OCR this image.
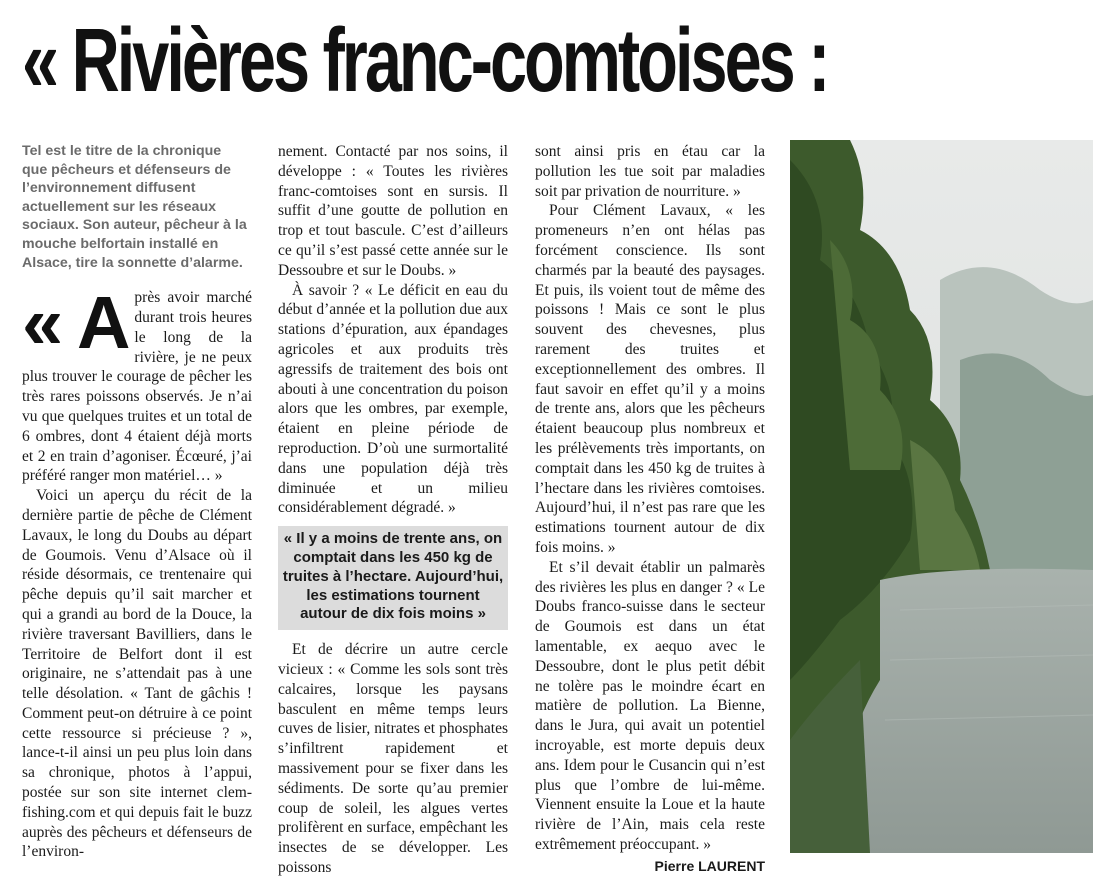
« Rivières franc-comtoises :
Tel est le titre de la chronique
que pêcheurs et défenseurs de
l’environnement diffusent
actuellement sur les réseaux
sociaux. Son auteur, pêcheur à la
mouche belfortain installé en
Alsace, tire la sonnette d’alarme.

« A près avoir marché durant trois heures le long de la rivière, je ne peux plus trouver le courage de pêcher les très rares poissons observés. Je n’ai vu que quelques truites et un total de 6 ombres, dont 4 étaient déjà morts et 2 en train d’agoniser. Écœuré, j’ai préféré ranger mon matériel… »

Voici un aperçu du récit de la dernière partie de pêche de Clément Lavaux, le long du Doubs au départ de Goumois. Venu d’Alsace où il réside désormais, ce trentenaire qui pêche depuis qu’il sait marcher et qui a grandi au bord de la Douce, la rivière traversant Bavilliers, dans le Territoire de Belfort dont il est originaire, ne s’attendait pas à une telle désolation. « Tant de gâchis ! Comment peut-on détruire à ce point cette ressource si précieuse ? », lance-t-il ainsi un peu plus loin dans sa chronique, photos à l’appui, postée sur son site internet clem-fishing.com et qui depuis fait le buzz auprès des pêcheurs et défenseurs de l’environ-

nement. Contacté par nos soins, il développe : « Toutes les rivières franc-comtoises sont en sursis. Il suffit d’une goutte de pollution en trop et tout bascule. C’est d’ailleurs ce qu’il s’est passé cette année sur le Dessoubre et sur le Doubs. »

À savoir ? « Le déficit en eau du début d’année et la pollution due aux stations d’épuration, aux épandages agricoles et aux produits très agressifs de traitement des bois ont abouti à une concentration du poison alors que les ombres, par exemple, étaient en pleine période de reproduction. D’où une surmortalité dans une population déjà très diminuée et un milieu considérablement dégradé. »

« Il y a moins de trente ans, on comptait dans les 450 kg de truites à l’hectare. Aujourd’hui, les estimations tournent autour de dix fois moins »

Et de décrire un autre cercle vicieux : « Comme les sols sont très calcaires, lorsque les paysans basculent en même temps leurs cuves de lisier, nitrates et phosphates s’infiltrent rapidement et massivement pour se fixer dans les sédiments. De sorte qu’au premier coup de soleil, les algues vertes prolifèrent en surface, empêchant les insectes de se développer. Les poissons

sont ainsi pris en étau car la pollution les tue soit par maladies soit par privation de nourriture. »

Pour Clément Lavaux, « les promeneurs n’en ont hélas pas forcément conscience. Ils sont charmés par la beauté des paysages. Et puis, ils voient tout de même des poissons ! Mais ce sont le plus souvent des chevesnes, plus rarement des truites et exceptionnellement des ombres. Il faut savoir en effet qu’il y a moins de trente ans, alors que les pêcheurs étaient beaucoup plus nombreux et les prélèvements très importants, on comptait dans les 450 kg de truites à l’hectare dans les rivières comtoises. Aujourd’hui, il n’est pas rare que les estimations tournent autour de dix fois moins. »

Et s’il devait établir un palmarès des rivières les plus en danger ? « Le Doubs franco-suisse dans le secteur de Goumois est dans un état lamentable, ex aequo avec le Dessoubre, dont le plus petit débit ne tolère pas le moindre écart en matière de pollution. La Bienne, dans le Jura, qui avait un potentiel incroyable, est morte depuis deux ans. Idem pour le Cusancin qui n’est plus que l’ombre de lui-même. Viennent ensuite la Loue et la haute rivière de l’Ain, mais cela reste extrêmement préoccupant. »

Pierre LAURENT
